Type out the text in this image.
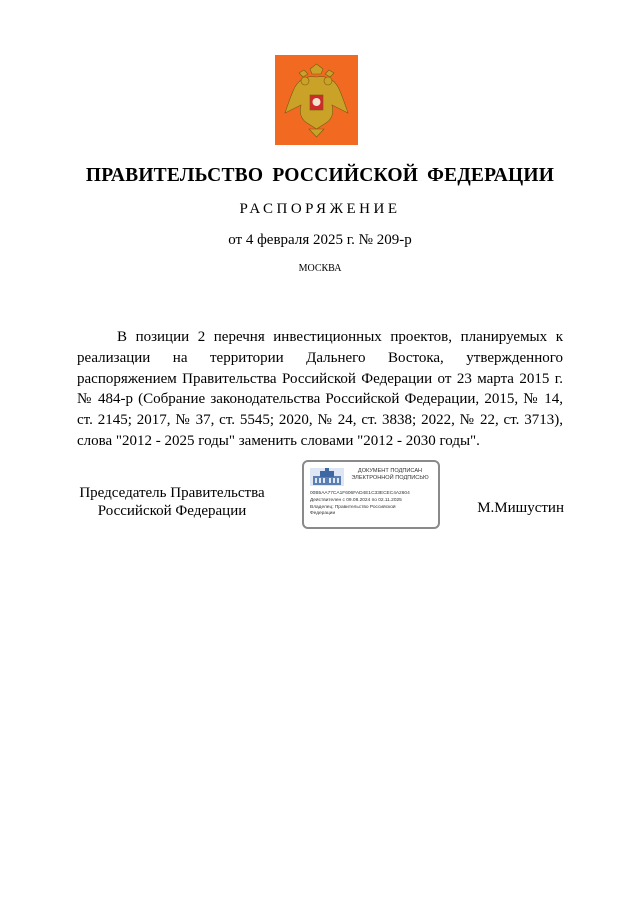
ПРАВИТЕЛЬСТВО РОССИЙСКОЙ ФЕДЕРАЦИИ
РАСПОРЯЖЕНИЕ
от 4 февраля 2025 г. № 209-р
МОСКВА
В позиции 2 перечня инвестиционных проектов, планируемых к реализации на территории Дальнего Востока, утвержденного распоряжением Правительства Российской Федерации от 23 марта 2015 г. № 484-р (Собрание законодательства Российской Федерации, 2015, № 14, ст. 2145; 2017, № 37, ст. 5545; 2020, № 24, ст. 3838; 2022, № 22, ст. 3713), слова "2012 - 2025 годы" заменить словами "2012 - 2030 годы".
Председатель Правительства
Российской Федерации
ДОКУМЕНТ ПОДПИСАН
ЭЛЕКТРОННОЙ ПОДПИСЬЮ
00B5AA77CA1F606FAD4E1C33ECEC4A2604
Действителен с 09.08.2024 по 02.11.2025
Владелец: Правительство Российской
Федерации	М.Мишустин
